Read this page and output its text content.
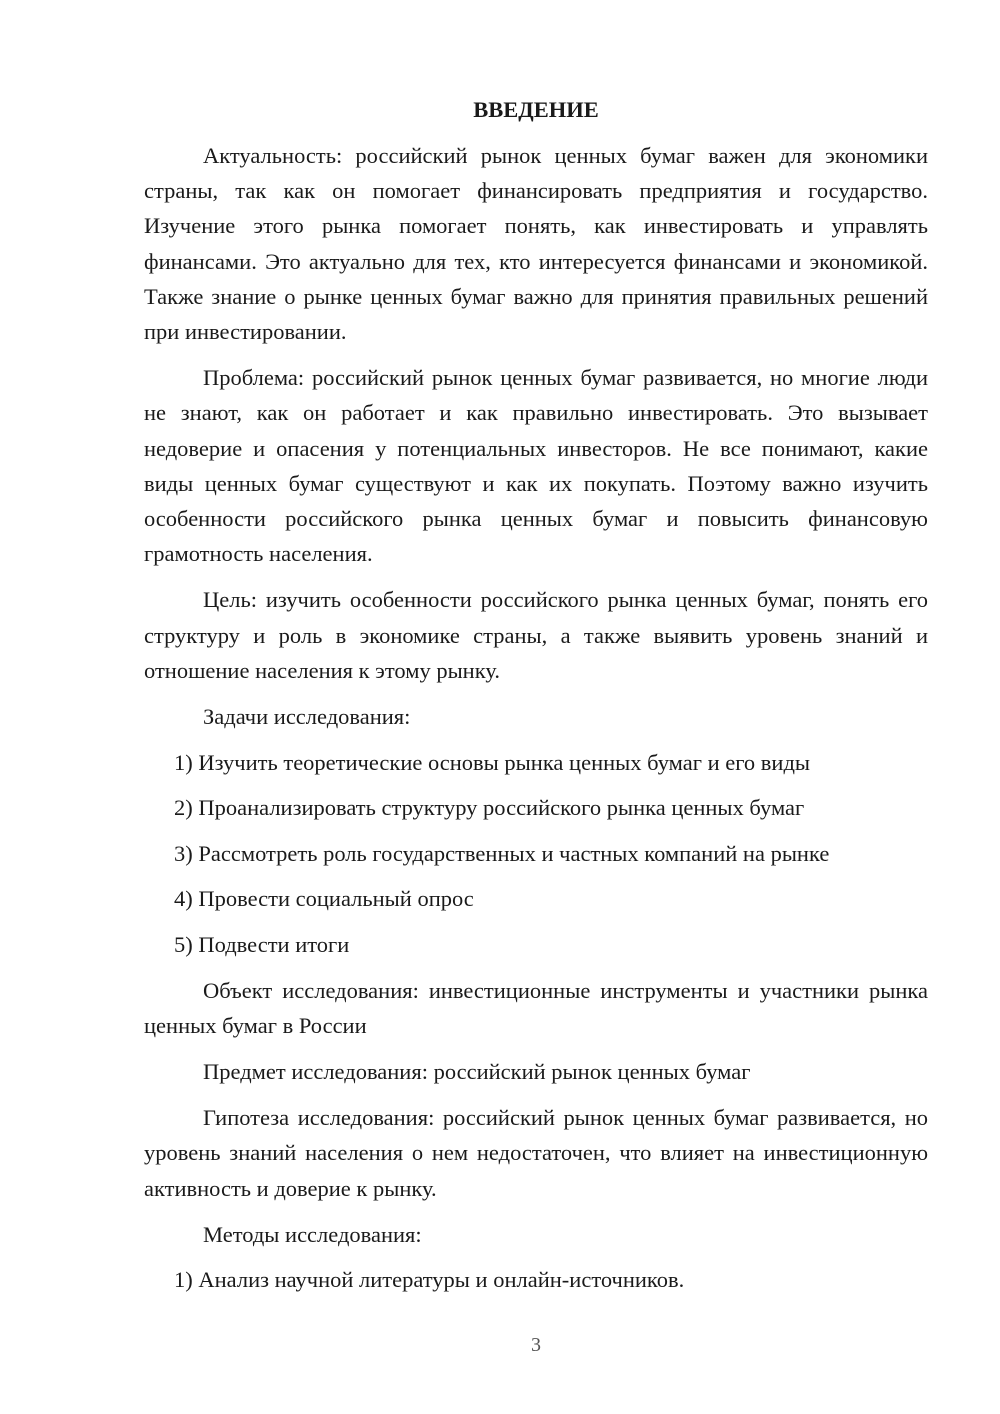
ВВЕДЕНИЕ

Актуальность: российский рынок ценных бумаг важен для экономики страны, так как он помогает финансировать предприятия и государство. Изучение этого рынка помогает понять, как инвестировать и управлять финансами. Это актуально для тех, кто интересуется финансами и экономикой. Также знание о рынке ценных бумаг важно для принятия правильных решений при инвестировании.

Проблема: российский рынок ценных бумаг развивается, но многие люди не знают, как он работает и как правильно инвестировать. Это вызывает недоверие и опасения у потенциальных инвесторов. Не все понимают, какие виды ценных бумаг существуют и как их покупать. Поэтому важно изучить особенности российского рынка ценных бумаг и повысить финансовую грамотность населения.

Цель: изучить особенности российского рынка ценных бумаг, понять его структуру и роль в экономике страны, а также выявить уровень знаний и отношение населения к этому рынку.

Задачи исследования:

1) Изучить теоретические основы рынка ценных бумаг и его виды

2) Проанализировать структуру российского рынка ценных бумаг

3) Рассмотреть роль государственных и частных компаний на рынке

4) Провести социальный опрос

5) Подвести итоги

Объект исследования: инвестиционные инструменты и участники рынка ценных бумаг в России

Предмет исследования: российский рынок ценных бумаг

Гипотеза исследования: российский рынок ценных бумаг развивается, но уровень знаний населения о нем недостаточен, что влияет на инвестиционную активность и доверие к рынку.

Методы исследования:

1) Анализ научной литературы и онлайн-источников.

3
